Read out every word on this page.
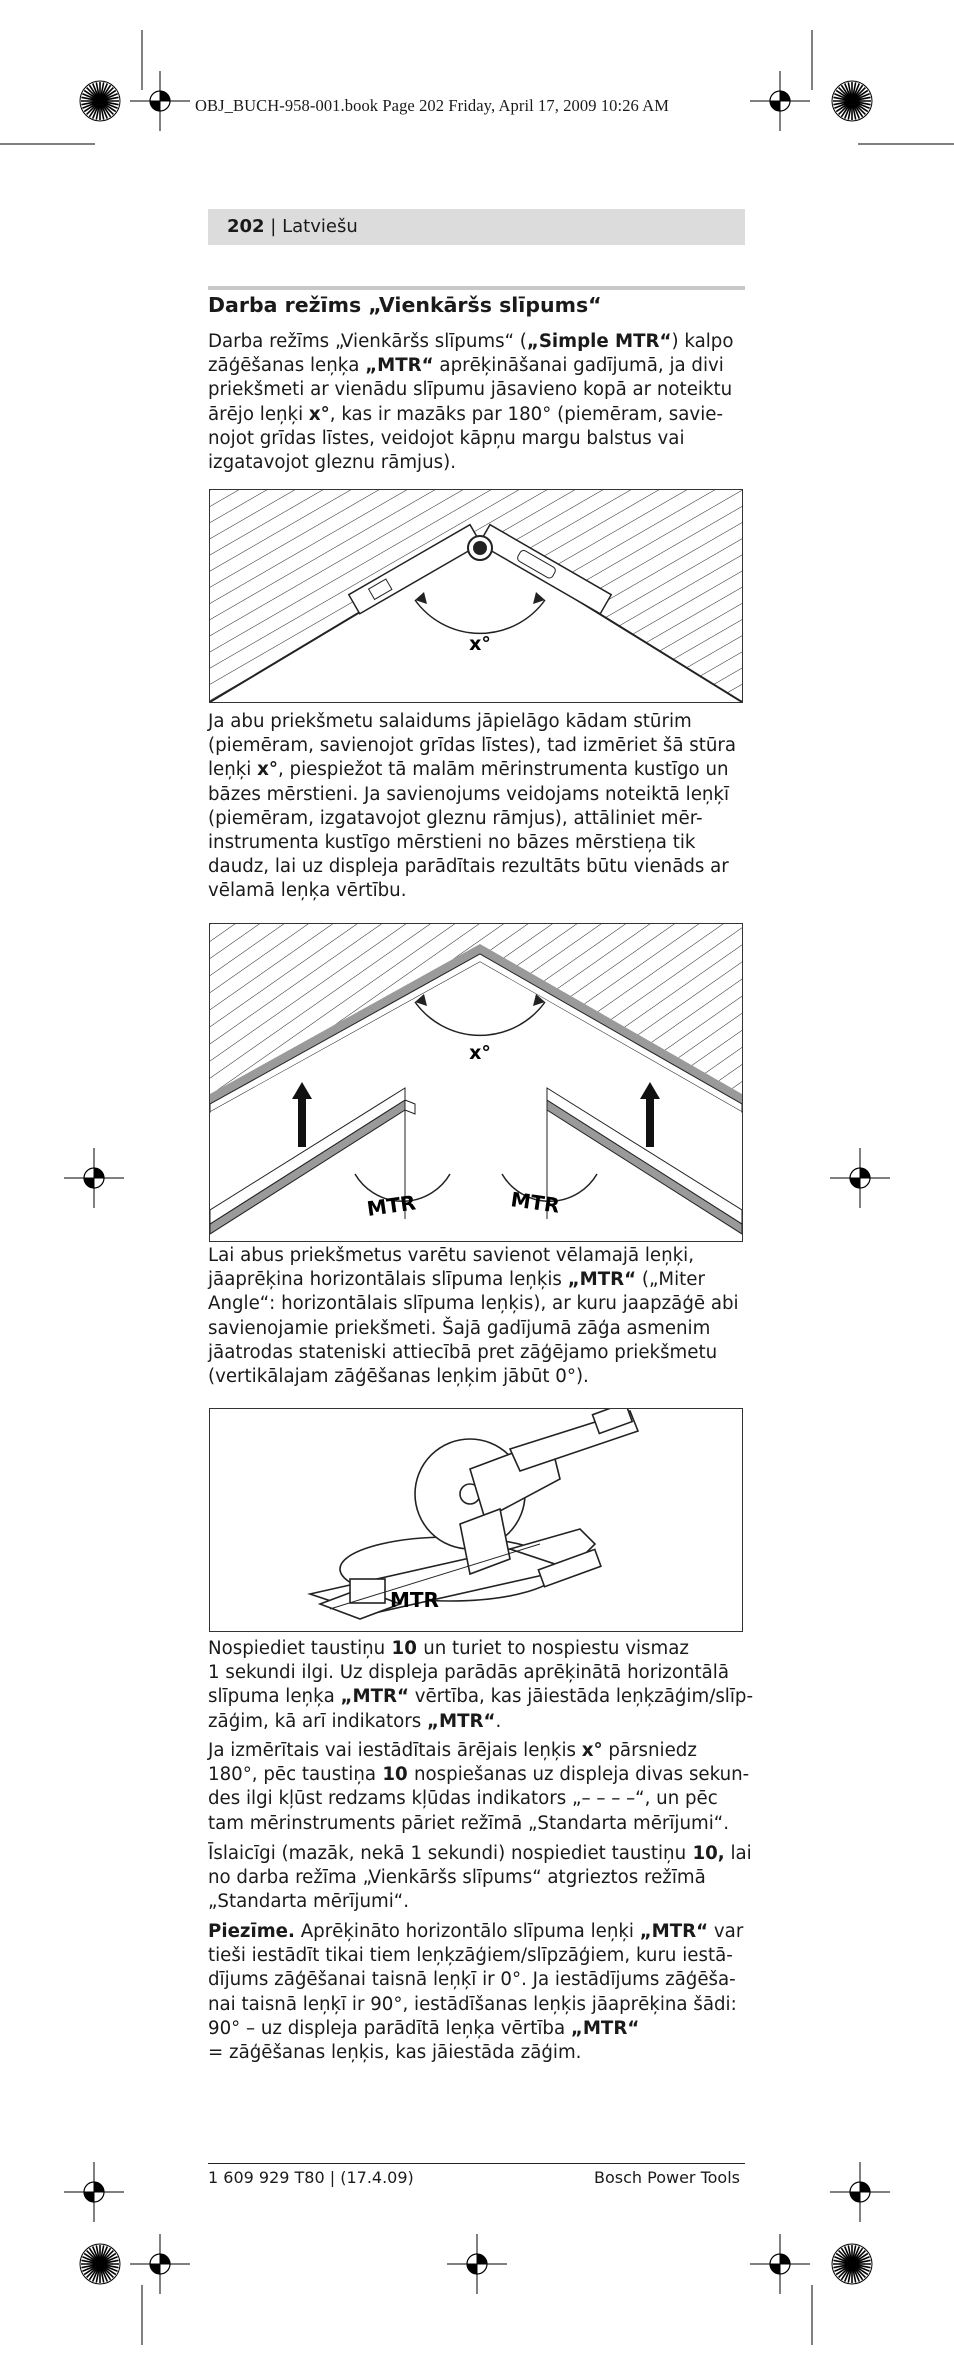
OBJ_BUCH-958-001.book Page 202 Friday, April 17, 2009 10:26 AM
202 | Latviešu
Darba režīms „Vienkāršs slīpums“

Darba režīms „Vienkāršs slīpums“ („Simple MTR“) kalpo

zāģēšanas leņķa „MTR“ aprēķināšanai gadījumā, ja divi

priekšmeti ar vienādu slīpumu jāsavieno kopā ar noteiktu

ārējo leņķi x°, kas ir mazāks par 180° (piemēram, savie-

nojot grīdas līstes, veidojot kāpņu margu balstus vai

izgatavojot gleznu rāmjus).

x°

Ja abu priekšmetu salaidums jāpielāgo kādam stūrim

(piemēram, savienojot grīdas līstes), tad izmēriet šā stūra

leņķi x°, piespiežot tā malām mērinstrumenta kustīgo un

bāzes mērstieni. Ja savienojums veidojams noteiktā leņķī

(piemēram, izgatavojot gleznu rāmjus), attāliniet mēr-

instrumenta kustīgo mērstieni no bāzes mērstieņa tik

daudz, lai uz displeja parādītais rezultāts būtu vienāds ar

vēlamā leņķa vērtību.

x°
MTR	MTR

Lai abus priekšmetus varētu savienot vēlamajā leņķi,

jāaprēķina horizontālais slīpuma leņķis „MTR“ („Miter

Angle“: horizontālais slīpuma leņķis), ar kuru jaapzāģē abi

savienojamie priekšmeti. Šajā gadījumā zāģa asmenim

jāatrodas stateniski attiecībā pret zāģējamo priekšmetu

(vertikālajam zāģēšanas leņķim jābūt 0°).

MTR

Nospiediet taustiņu 10 un turiet to nospiestu vismaz

1 sekundi ilgi. Uz displeja parādās aprēķinātā horizontālā

slīpuma leņķa „MTR“ vērtība, kas jāiestāda leņķzāģim/slīp-

zāģim, kā arī indikators „MTR“.

Ja izmērītais vai iestādītais ārējais leņķis x° pārsniedz

180°, pēc taustiņa 10 nospiešanas uz displeja divas sekun-

des ilgi kļūst redzams kļūdas indikators „– – – –“, un pēc

tam mērinstruments pāriet režīmā „Standarta mērījumi“.

Īslaicīgi (mazāk, nekā 1 sekundi) nospiediet taustiņu 10, lai

no darba režīma „Vienkāršs slīpums“ atgrieztos režīmā

„Standarta mērījumi“.

Piezīme. Aprēķināto horizontālo slīpuma leņķi „MTR“ var

tieši iestādīt tikai tiem leņķzāģiem/slīpzāģiem, kuru iestā-

dījums zāģēšanai taisnā leņķī ir 0°. Ja iestādījums zāģēša-

nai taisnā leņķī ir 90°, iestādīšanas leņķis jāaprēķina šādi:

90° – uz displeja parādītā leņķa vērtība „MTR“

= zāģēšanas leņķis, kas jāiestāda zāģim.

1 609 929 T80 | (17.4.09)	Bosch Power Tools
